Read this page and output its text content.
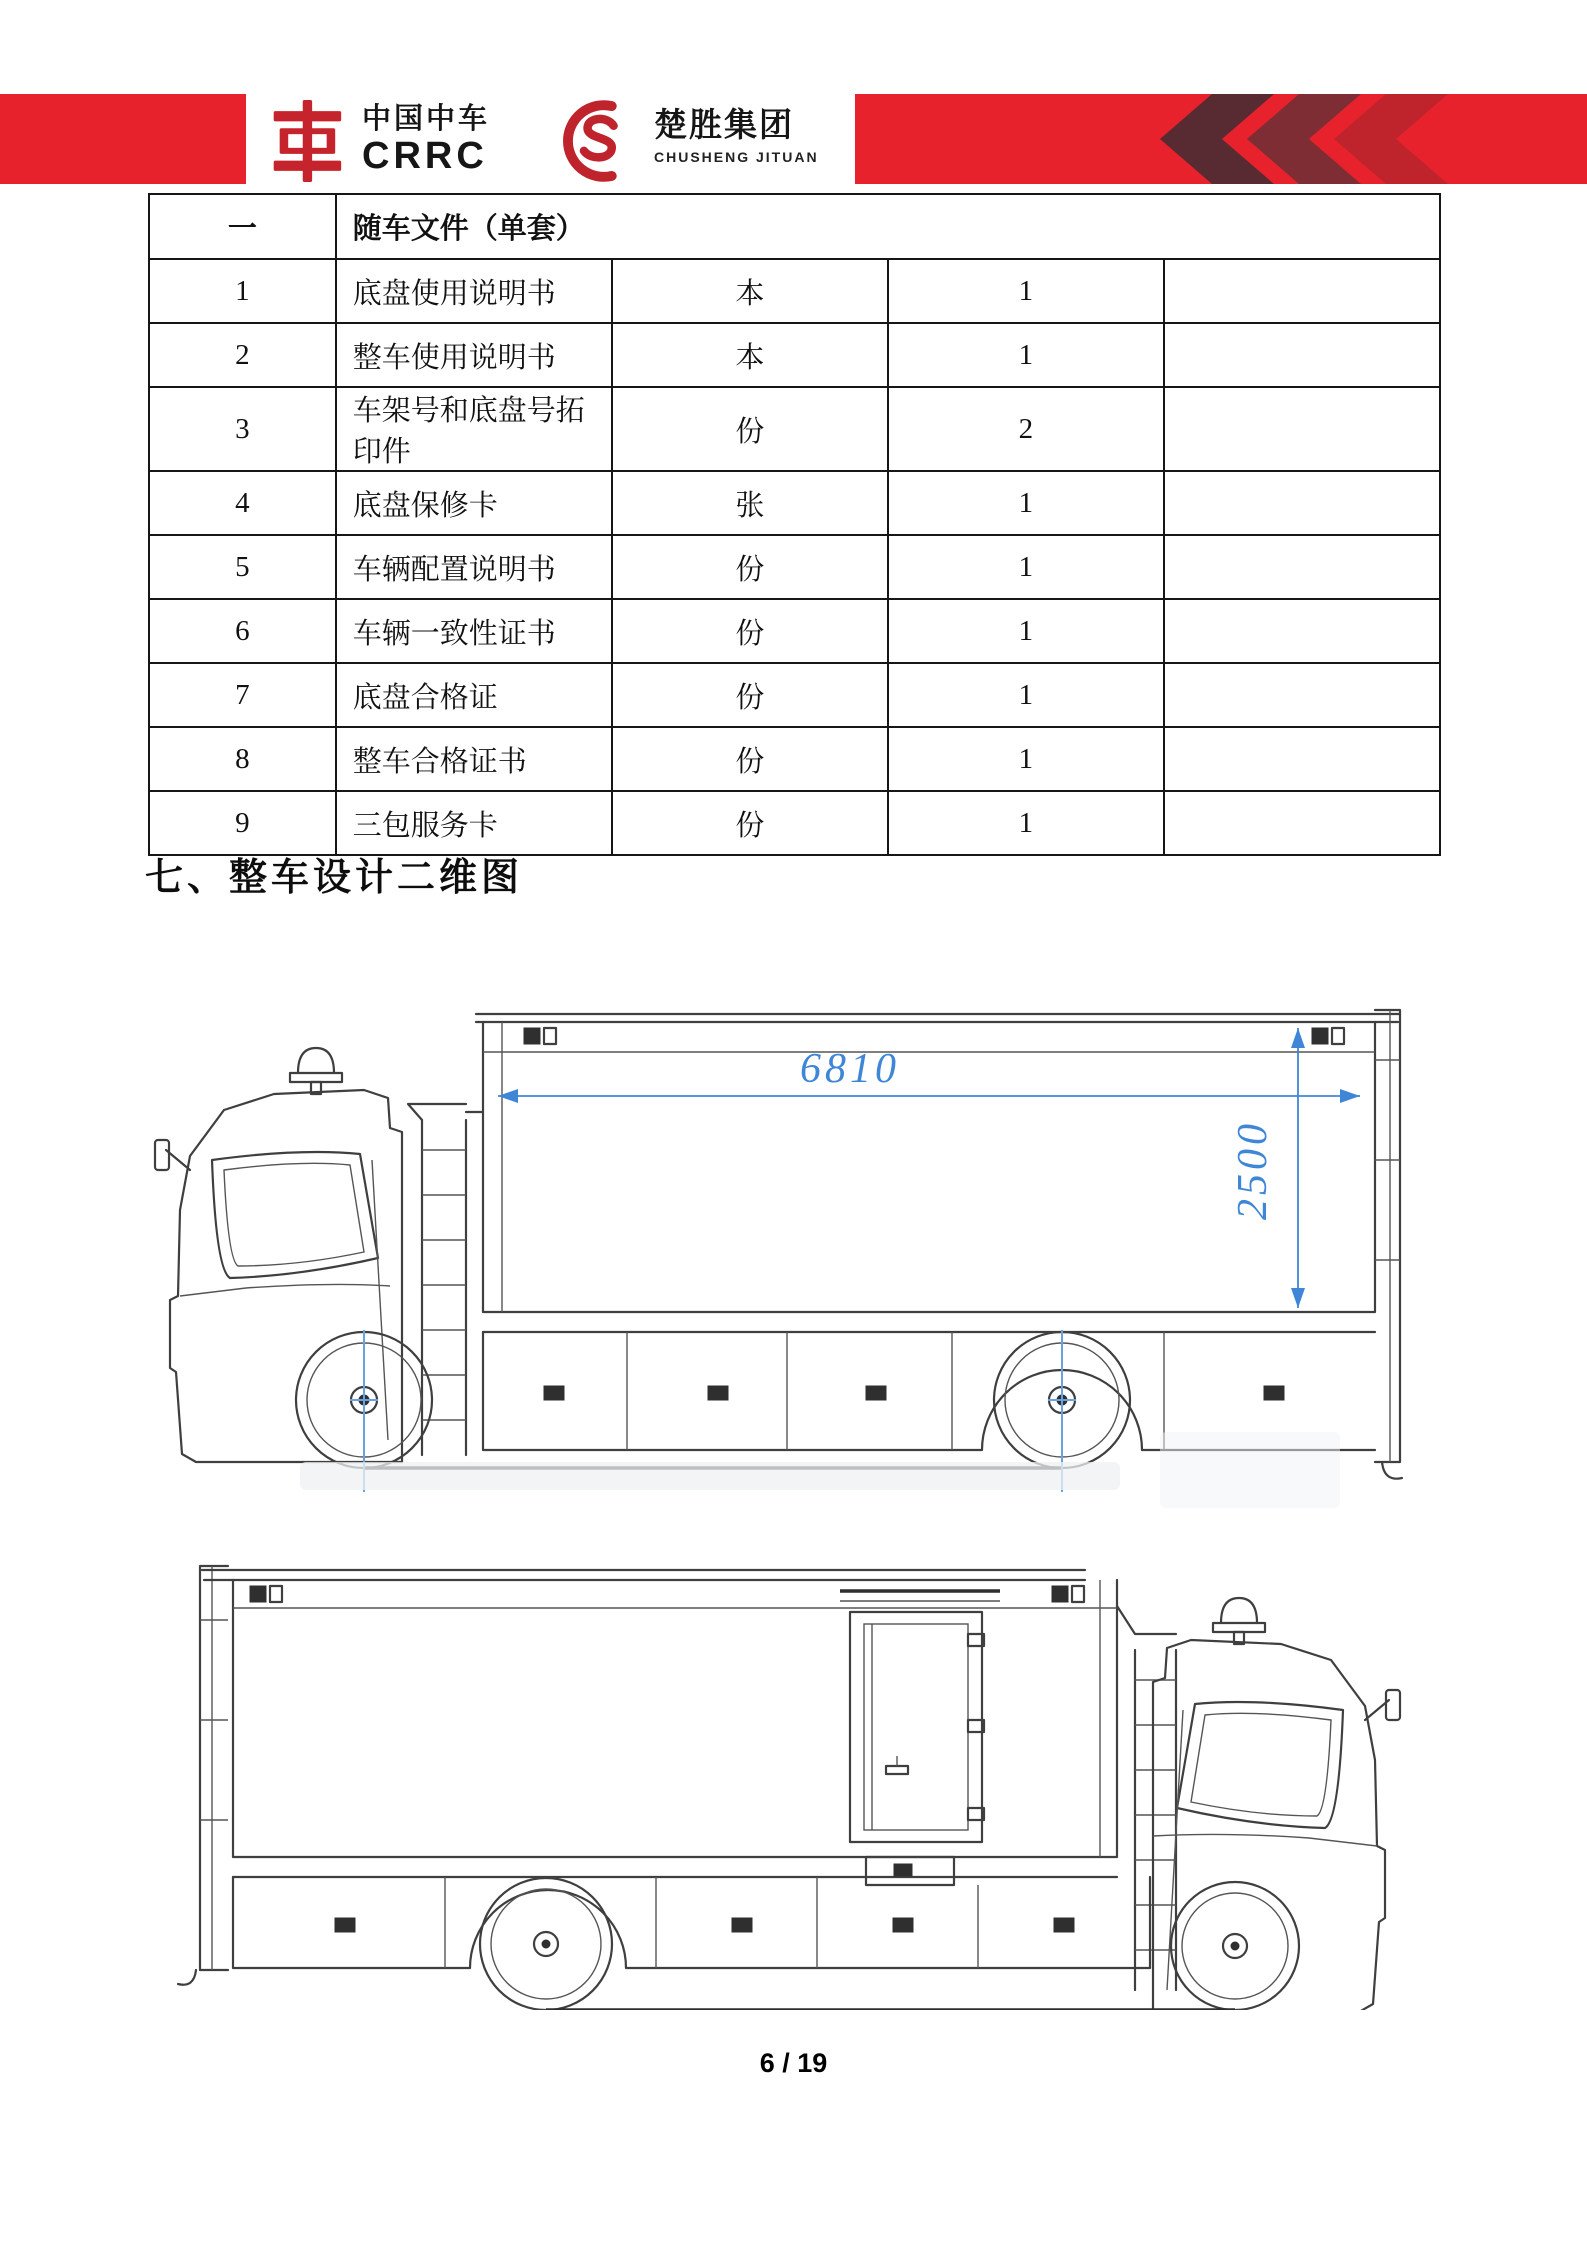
中国中车
CRRC
楚胜集团
CHUSHENG JITUAN
一	随车文件（单套）			
1	底盘使用说明书	本	1	
2	整车使用说明书	本	1	
3	车架号和底盘号拓印件	份	2	
4	底盘保修卡	张	1	
5	车辆配置说明书	份	1	
6	车辆一致性证书	份	1	
7	底盘合格证	份	1	
8	整车合格证书	份	1	
9	三包服务卡	份	1	
七、整车设计二维图
6810
2500
6 / 19
